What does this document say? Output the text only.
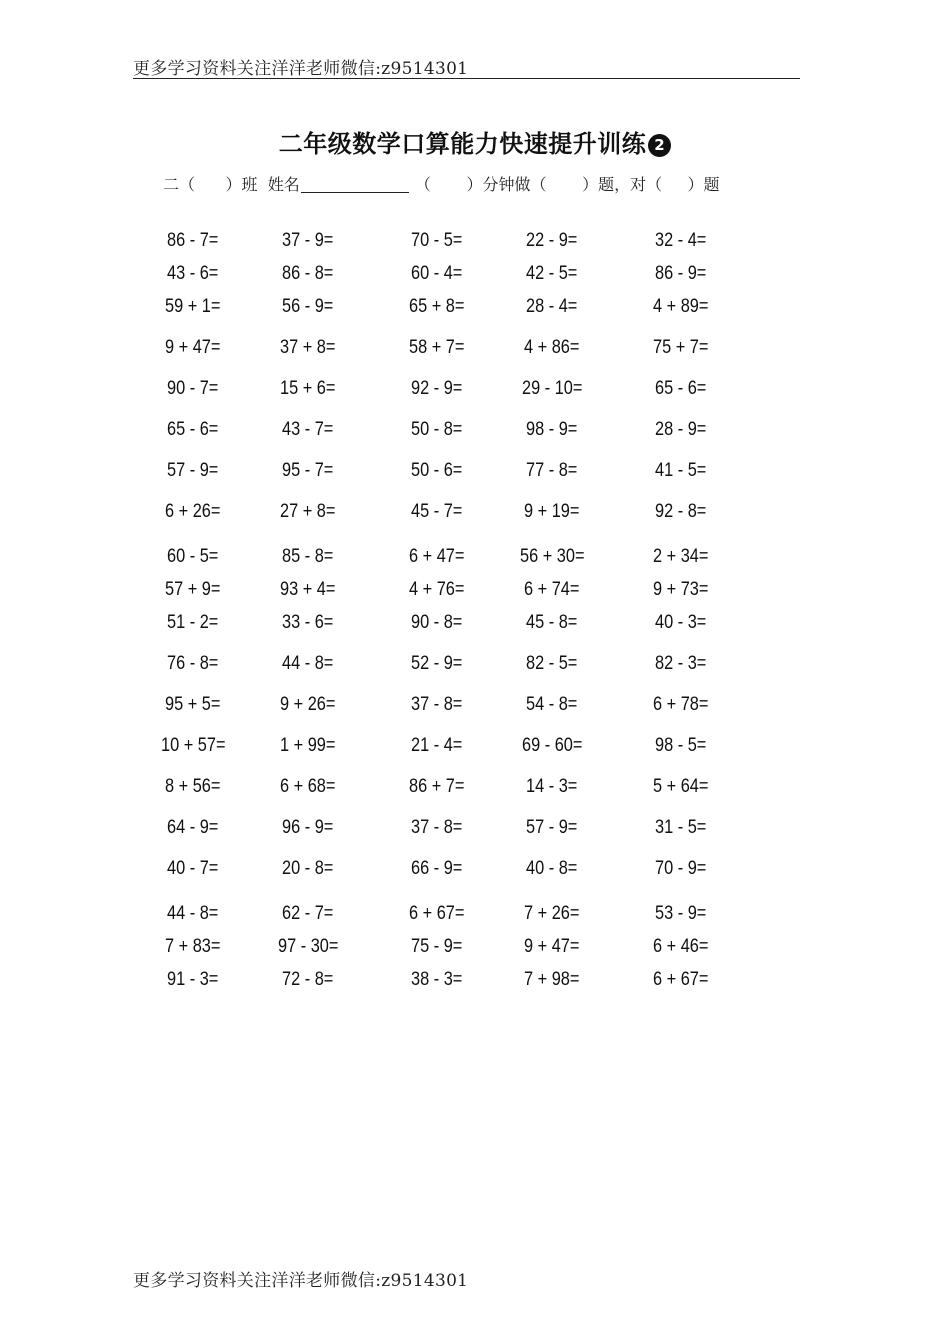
更多学习资料关注洋洋老师微信:z9514301
二年级数学口算能力快速提升训练 2
二（ ）班 姓名	（ ）分钟做（ ）题，对（ ）题
86 - 7=	37 - 9=	70 - 5=	22 - 9=	32 - 4=
43 - 6=	86 - 8=	60 - 4=	42 - 5=	86 - 9=
59 + 1=	56 - 9=	65 + 8=	28 - 4=	4 + 89=
9 + 47=	37 + 8=	58 + 7=	4 + 86=	75 + 7=
90 - 7=	15 + 6=	92 - 9=	29 - 10=	65 - 6=
65 - 6=	43 - 7=	50 - 8=	98 - 9=	28 - 9=
57 - 9=	95 - 7=	50 - 6=	77 - 8=	41 - 5=
6 + 26=	27 + 8=	45 - 7=	9 + 19=	92 - 8=
60 - 5=	85 - 8=	6 + 47=	56 + 30=	2 + 34=
57 + 9=	93 + 4=	4 + 76=	6 + 74=	9 + 73=
51 - 2=	33 - 6=	90 - 8=	45 - 8=	40 - 3=
76 - 8=	44 - 8=	52 - 9=	82 - 5=	82 - 3=
95 + 5=	9 + 26=	37 - 8=	54 - 8=	6 + 78=
10 + 57=	1 + 99=	21 - 4=	69 - 60=	98 - 5=
8 + 56=	6 + 68=	86 + 7=	14 - 3=	5 + 64=
64 - 9=	96 - 9=	37 - 8=	57 - 9=	31 - 5=
40 - 7=	20 - 8=	66 - 9=	40 - 8=	70 - 9=
44 - 8=	62 - 7=	6 + 67=	7 + 26=	53 - 9=
7 + 83=	97 - 30=	75 - 9=	9 + 47=	6 + 46=
91 - 3=	72 - 8=	38 - 3=	7 + 98=	6 + 67=
更多学习资料关注洋洋老师微信:z9514301
